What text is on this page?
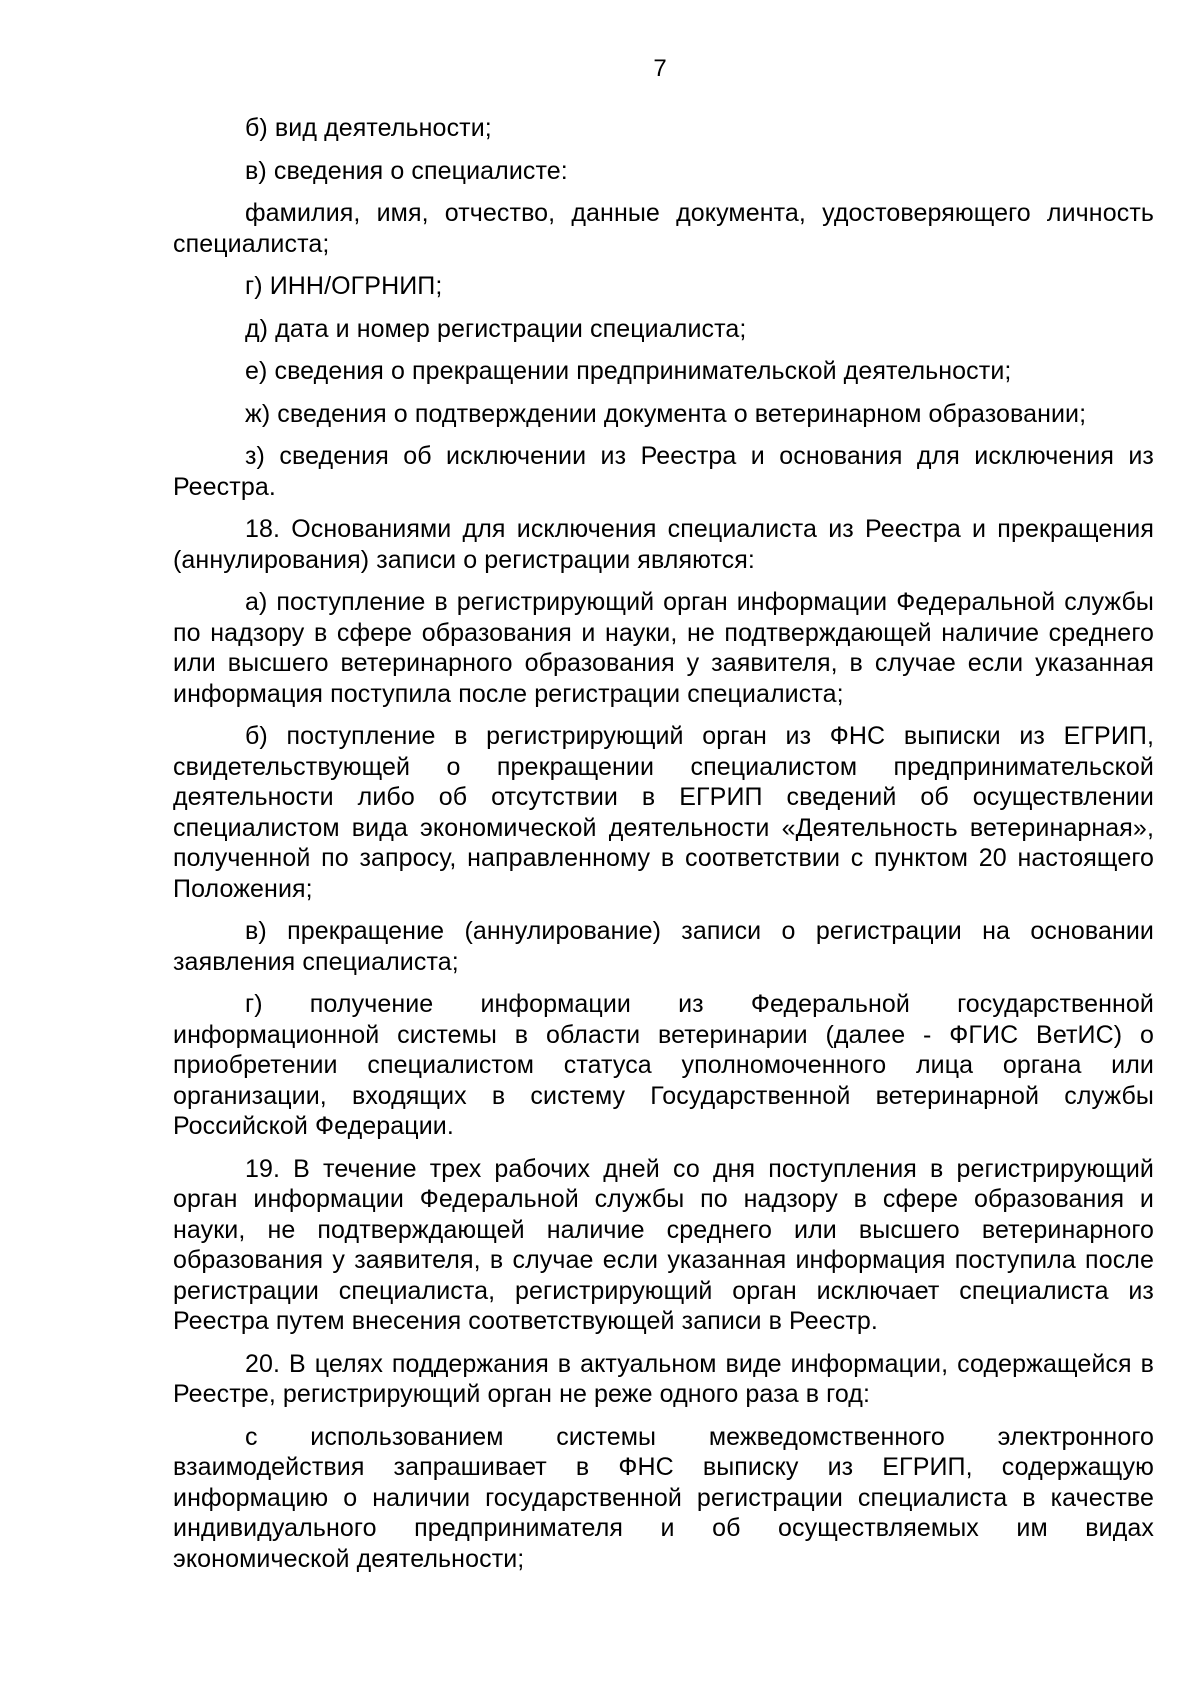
7

б) вид деятельности;

в) сведения о специалисте:

фамилия, имя, отчество, данные документа, удостоверяющего личность специалиста;

г) ИНН/ОГРНИП;

д) дата и номер регистрации специалиста;

е) сведения о прекращении предпринимательской деятельности;

ж) сведения о подтверждении документа о ветеринарном образовании;

з) сведения об исключении из Реестра и основания для исключения из Реестра.

18. Основаниями для исключения специалиста из Реестра и прекращения (аннулирования) записи о регистрации являются:

а) поступление в регистрирующий орган информации Федеральной службы по надзору в сфере образования и науки, не подтверждающей наличие среднего или высшего ветеринарного образования у заявителя, в случае если указанная информация поступила после регистрации специалиста;

б) поступление в регистрирующий орган из ФНС выписки из ЕГРИП, свидетельствующей о прекращении специалистом предпринимательской деятельности либо об отсутствии в ЕГРИП сведений об осуществлении специалистом вида экономической деятельности «Деятельность ветеринарная», полученной по запросу, направленному в соответствии с пунктом 20 настоящего Положения;

в) прекращение (аннулирование) записи о регистрации на основании заявления специалиста;

г) получение информации из Федеральной государственной информационной системы в области ветеринарии (далее - ФГИС ВетИС) о приобретении специалистом статуса уполномоченного лица органа или организации, входящих в систему Государственной ветеринарной службы Российской Федерации.

19. В течение трех рабочих дней со дня поступления в регистрирующий орган информации Федеральной службы по надзору в сфере образования и науки, не подтверждающей наличие среднего или высшего ветеринарного образования у заявителя, в случае если указанная информация поступила после регистрации специалиста, регистрирующий орган исключает специалиста из Реестра путем внесения соответствующей записи в Реестр.

20. В целях поддержания в актуальном виде информации, содержащейся в Реестре, регистрирующий орган не реже одного раза в год:

с использованием системы межведомственного электронного взаимодействия запрашивает в ФНС выписку из ЕГРИП, содержащую информацию о наличии государственной регистрации специалиста в качестве индивидуального предпринимателя и об осуществляемых им видах экономической деятельности;
